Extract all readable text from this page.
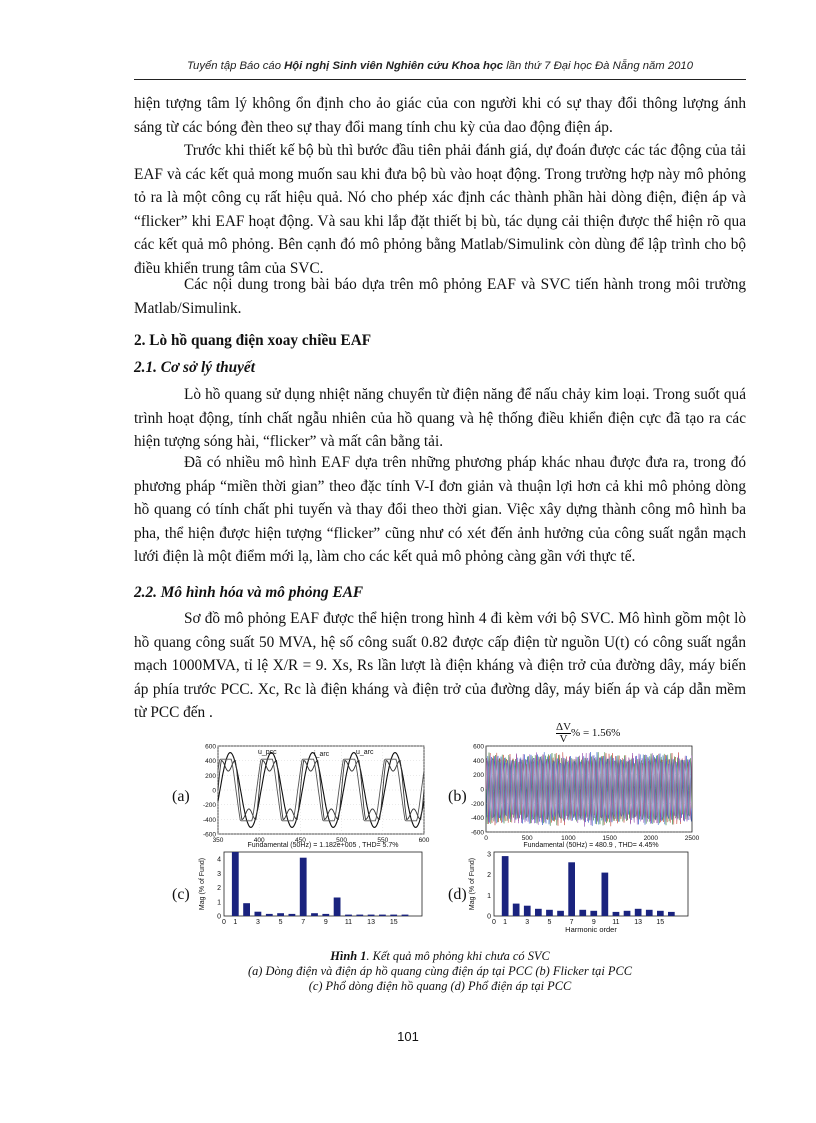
Tuyển tập Báo cáo Hội nghị Sinh viên Nghiên cứu Khoa học lần thứ 7 Đại học Đà Nẵng năm 2010

hiện tượng tâm lý không ổn định cho ảo giác của con người khi có sự thay đổi thông lượng ánh sáng từ các bóng đèn theo sự thay đổi mang tính chu kỳ của dao động điện áp.

Trước khi thiết kế bộ bù thì bước đầu tiên phải đánh giá, dự đoán được các tác động của tải EAF và các kết quả mong muốn sau khi đưa bộ bù vào hoạt động. Trong trường hợp này mô phỏng tỏ ra là một công cụ rất hiệu quả. Nó cho phép xác định các thành phần hài dòng điện, điện áp và “flicker” khi EAF hoạt động. Và sau khi lắp đặt thiết bị bù, tác dụng cải thiện được thể hiện rõ qua các kết quả mô phỏng. Bên cạnh đó mô phỏng bằng Matlab/Simulink còn dùng để lập trình cho bộ điều khiển trung tâm của SVC.

Các nội dung trong bài báo dựa trên mô phỏng EAF và SVC tiến hành trong môi trường Matlab/Simulink.

2. Lò hồ quang điện xoay chiều EAF

2.1. Cơ sở lý thuyết

Lò hồ quang sử dụng nhiệt năng chuyển từ điện năng để nấu chảy kim loại. Trong suốt quá trình hoạt động, tính chất ngẫu nhiên của hồ quang và hệ thống điều khiển điện cực đã tạo ra các hiện tượng sóng hài, “flicker” và mất cân bằng tải.

Đã có nhiều mô hình EAF dựa trên những phương pháp khác nhau được đưa ra, trong đó phương pháp “miền thời gian” theo đặc tính V-I đơn giản và thuận lợi hơn cả khi mô phỏng dòng hồ quang có tính chất phi tuyến và thay đổi theo thời gian. Việc xây dựng thành công mô hình ba pha, thể hiện được hiện tượng “flicker” cũng như có xét đến ảnh hưởng của công suất ngắn mạch lưới điện là một điểm mới lạ, làm cho các kết quả mô phỏng càng gần với thực tế.

2.2. Mô hình hóa và mô phỏng EAF

Sơ đồ mô phỏng EAF được thể hiện trong hình 4 đi kèm với bộ SVC. Mô hình gồm một lò hồ quang công suất 50 MVA, hệ số công suất 0.82 được cấp điện từ nguồn U(t) có công suất ngắn mạch 1000MVA, tỉ lệ X/R = 9. Xs, Rs lần lượt là điện kháng và điện trở của đường dây, máy biến áp phía trước PCC. Xc, Rc là điện kháng và điện trở của đường dây, máy biến áp và cáp dẫn mềm từ PCC đến .

(a)	(b)
(c)	(d)
$\frac{\Delta V}{V}$ % = 1.56%
600
400
200
0
-200
-400
-600
350	400	450	500	550	600
u_pcc	i_arc	u_arc
600
400
200
0
-200
-400
-600
0	500	1000	1500	2000	2500
Fundamental (50Hz) = 1.182e+005 , THD= 5.7%
0
1
2
3
4
0 1	3	5	7	9 11 13 15
Mag (% of Fund)
Fundamental (50Hz) = 480.9 , THD= 4.45%
0
1
2
3
0 1	3	5	7	9 11 13 15
Mag (% of Fund)
Harmonic order

Hình 1. Kết quả mô phỏng khi chưa có SVC

(a) Dòng điện và điện áp hồ quang cùng điện áp tại PCC (b) Flicker tại PCC

(c) Phổ dòng điện hồ quang (d) Phổ điện áp tại PCC

101
